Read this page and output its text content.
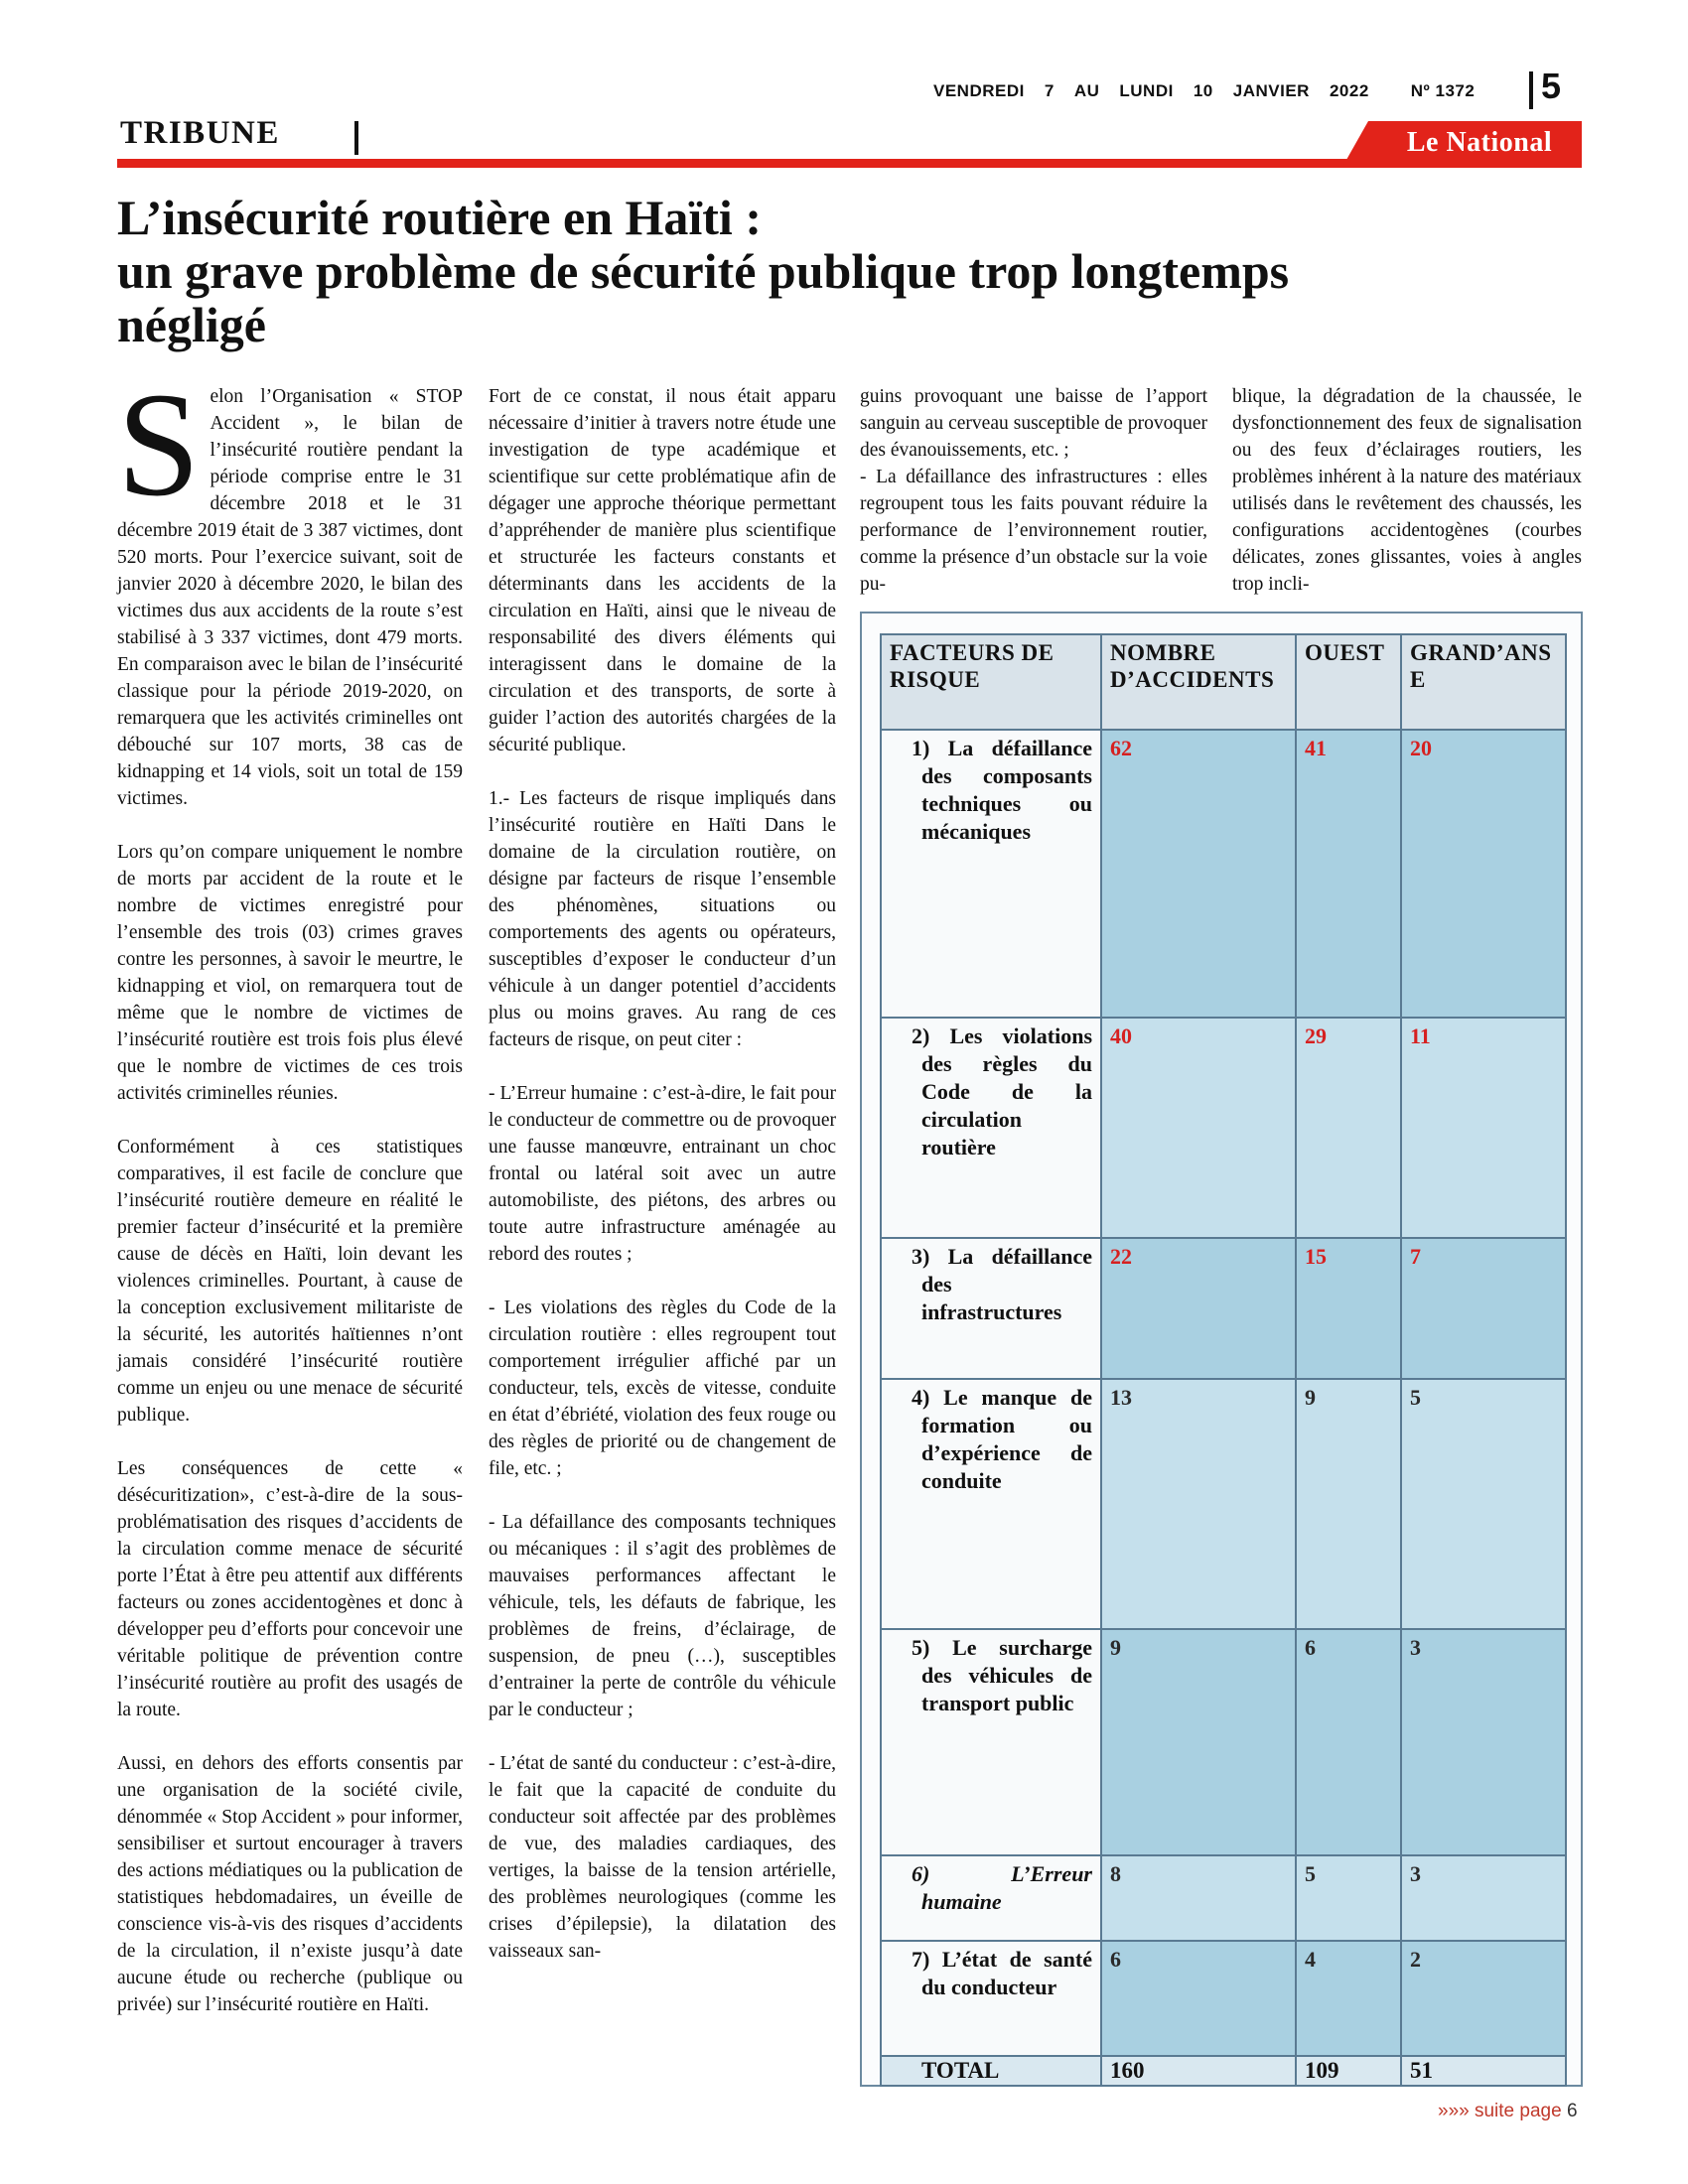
VENDREDI 7 AU LUNDI 10 JANVIER 2022 Nº 1372 5
TRIBUNE	Le National
L’insécurité routière en Haïti :
un grave problème de sécurité publique trop longtemps
négligé

Selon l’Organisation « STOP Accident », le bilan de l’insécurité routière pendant la période comprise entre le 31 décembre 2018 et le 31 décembre 2019 était de 3 387 victimes, dont 520 morts. Pour l’exercice suivant, soit de janvier 2020 à décembre 2020, le bilan des victimes dus aux accidents de la route s’est stabilisé à 3 337 victimes, dont 479 morts. En comparaison avec le bilan de l’insécurité classique pour la période 2019-2020, on remarquera que les activités criminelles ont débouché sur 107 morts, 38 cas de kidnapping et 14 viols, soit un total de 159 victimes.

Lors qu’on compare uniquement le nombre de morts par accident de la route et le nombre de victimes enregistré pour l’ensemble des trois (03) crimes graves contre les personnes, à savoir le meurtre, le kidnapping et viol, on remarquera tout de même que le nombre de victimes de l’insécurité routière est trois fois plus élevé que le nombre de victimes de ces trois activités criminelles réunies.

Conformément à ces statistiques comparatives, il est facile de conclure que l’insécurité routière demeure en réalité le premier facteur d’insécurité et la première cause de décès en Haïti, loin devant les violences criminelles. Pourtant, à cause de la conception exclusivement militariste de la sécurité, les autorités haïtiennes n’ont jamais considéré l’insécurité routière comme un enjeu ou une menace de sécurité publique.

Les conséquences de cette « désécuritization», c’est-à-dire de la sous-problématisation des risques d’accidents de la circulation comme menace de sécurité porte l’État à être peu attentif aux différents facteurs ou zones accidentogènes et donc à développer peu d’efforts pour concevoir une véritable politique de prévention contre l’insécurité routière au profit des usagés de la route.

Aussi, en dehors des efforts consentis par une organisation de la société civile, dénommée « Stop Accident » pour informer, sensibiliser et surtout encourager à travers des actions médiatiques ou la publication de statistiques hebdomadaires, un éveille de conscience vis-à-vis des risques d’accidents de la circulation, il n’existe jusqu’à date aucune étude ou recherche (publique ou privée) sur l’insécurité routière en Haïti.

Fort de ce constat, il nous était apparu nécessaire d’initier à travers notre étude une investigation de type académique et scientifique sur cette problématique afin de dégager une approche théorique permettant d’appréhender de manière plus scientifique et structurée les facteurs constants et déterminants dans les accidents de la circulation en Haïti, ainsi que le niveau de responsabilité des divers éléments qui interagissent dans le domaine de la circulation et des transports, de sorte à guider l’action des autorités chargées de la sécurité publique.

1.- Les facteurs de risque impliqués dans l’insécurité routière en Haïti Dans le domaine de la circulation routière, on désigne par facteurs de risque l’ensemble des phénomènes, situations ou comportements des agents ou opérateurs, susceptibles d’exposer le conducteur d’un véhicule à un danger potentiel d’accidents plus ou moins graves. Au rang de ces facteurs de risque, on peut citer :

- L’Erreur humaine : c’est-à-dire, le fait pour le conducteur de commettre ou de provoquer une fausse manœuvre, entrainant un choc frontal ou latéral soit avec un autre automobiliste, des piétons, des arbres ou toute autre infrastructure aménagée au rebord des routes ;

- Les violations des règles du Code de la circulation routière : elles regroupent tout comportement irrégulier affiché par un conducteur, tels, excès de vitesse, conduite en état d’ébriété, violation des feux rouge ou des règles de priorité ou de changement de file, etc. ;

- La défaillance des composants techniques ou mécaniques : il s’agit des problèmes de mauvaises performances affectant le véhicule, tels, les défauts de fabrique, les problèmes de freins, d’éclairage, de suspension, de pneu (…), susceptibles d’entrainer la perte de contrôle du véhicule par le conducteur ;

- L’état de santé du conducteur : c’est-à-dire, le fait que la capacité de conduite du conducteur soit affectée par des problèmes de vue, des maladies cardiaques, des vertiges, la baisse de la tension artérielle, des problèmes neurologiques (comme les crises d’épilepsie), la dilatation des vaisseaux san-

guins provoquant une baisse de l’apport sanguin au cerveau susceptible de provoquer des évanouissements, etc. ;

- La défaillance des infrastructures : elles regroupent tous les faits pouvant réduire la performance de l’environnement routier, comme la présence d’un obstacle sur la voie pu-

blique, la dégradation de la chaussée, le dysfonctionnement des feux de signalisation ou des feux d’éclairages routiers, les problèmes inhérent à la nature des matériaux utilisés dans le revêtement des chaussés, les configurations accidentogènes (courbes délicates, zones glissantes, voies à angles trop incli-

FACTEURS DE RISQUE	NOMBRE D’ACCIDENTS	OUEST	GRAND’ANSE
1) La défaillance des composants techniques ou mécaniques	62	41	20
2) Les violations des règles du Code de la circulation routière	40	29	11
3) La défaillance des infrastructures	22	15	7
4) Le manque de formation ou d’expérience de conduite	13	9	5
5) Le surcharge des véhicules de transport public	9	6	3
6) L’Erreur humaine	8	5	3
7) L’état de santé du conducteur	6	4	2
TOTAL	160	109	51
»»» suite page 6
